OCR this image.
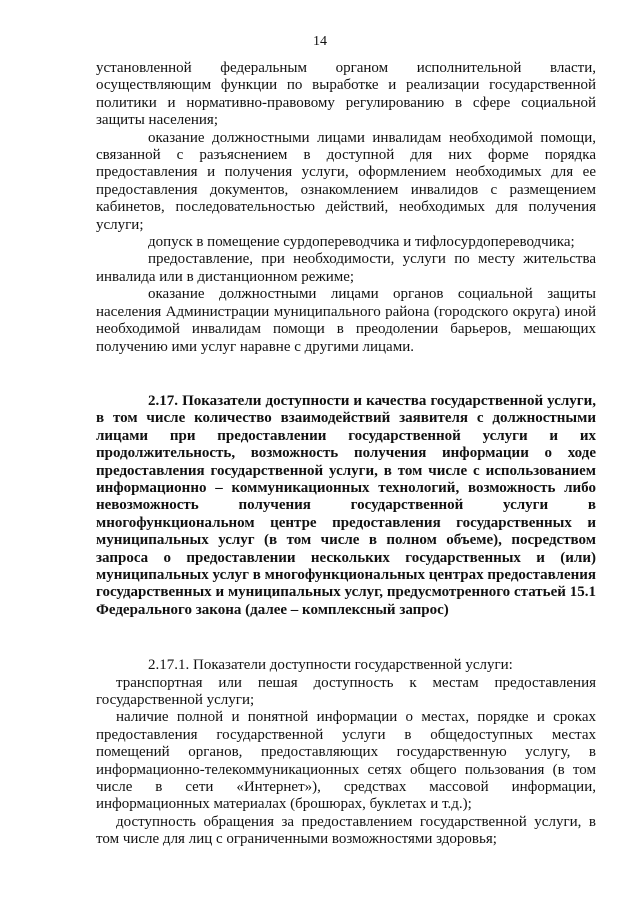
14

установленной федеральным органом исполнительной власти, осуществляющим функции по выработке и реализации государственной политики и нормативно-правовому регулированию в сфере социальной защиты населения;

оказание должностными лицами инвалидам необходимой помощи, связанной с разъяснением в доступной для них форме порядка предоставления и получения услуги, оформлением необходимых для ее предоставления документов, ознакомлением инвалидов с размещением кабинетов, последовательностью действий, необходимых для получения услуги;

допуск в помещение сурдопереводчика и тифлосурдопереводчика;

предоставление, при необходимости, услуги по месту жительства инвалида или в дистанционном режиме;

оказание должностными лицами органов социальной защиты населения Администрации муниципального района (городского округа) иной необходимой инвалидам помощи в преодолении барьеров, мешающих получению ими услуг наравне с другими лицами.

2.17. Показатели доступности и качества государственной услуги, в том числе количество взаимодействий заявителя с должностными лицами при предоставлении государственной услуги и их продолжительность, возможность получения информации о ходе предоставления государственной услуги, в том числе с использованием информационно – коммуникационных технологий, возможность либо невозможность получения государственной услуги в многофункциональном центре предоставления государственных и муниципальных услуг (в том числе в полном объеме), посредством запроса о предоставлении нескольких государственных и (или) муниципальных услуг в многофункциональных центрах предоставления государственных и муниципальных услуг, предусмотренного статьей 15.1 Федерального закона (далее – комплексный запрос)

2.17.1. Показатели доступности государственной услуги:

транспортная или пешая доступность к местам предоставления государственной услуги;

наличие полной и понятной информации о местах, порядке и сроках предоставления государственной услуги в общедоступных местах помещений органов, предоставляющих государственную услугу, в информационно-телекоммуникационных сетях общего пользования (в том числе в сети «Интернет»), средствах массовой информации, информационных материалах (брошюрах, буклетах и т.д.);

доступность обращения за предоставлением государственной услуги, в том числе для лиц с ограниченными возможностями здоровья;
